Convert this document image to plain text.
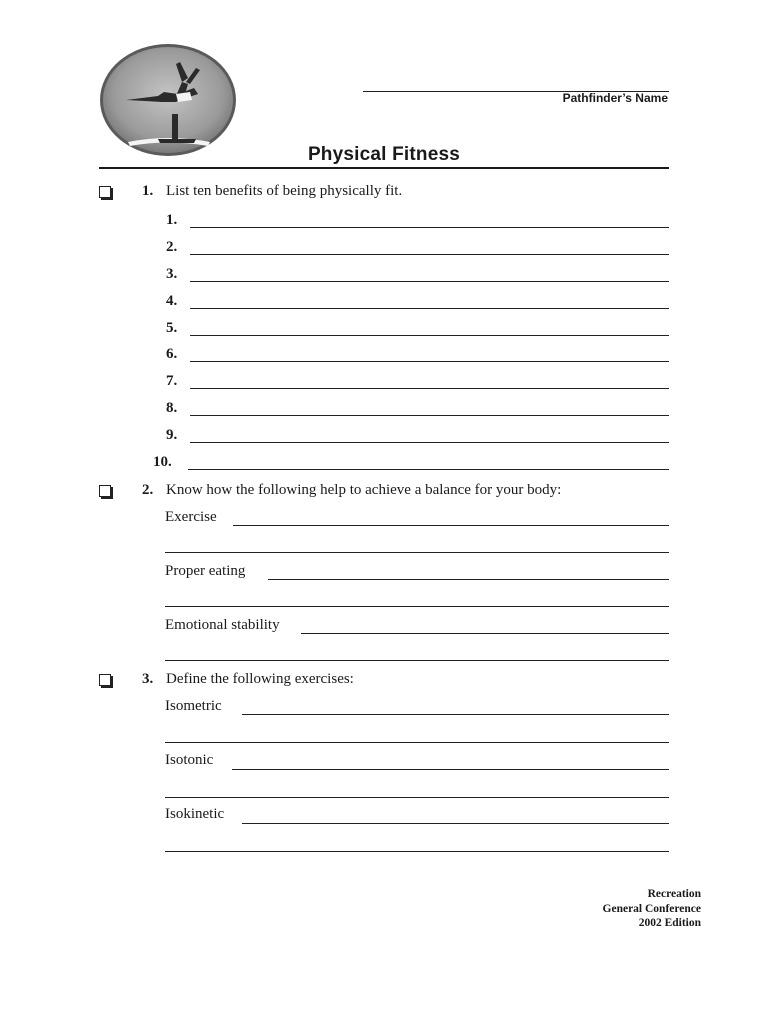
Pathfinder’s Name
Physical Fitness
1. List ten benefits of being physically fit.
1.
2.
3.
4.
5.
6.
7.
8.
9.
10.
2. Know how the following help to achieve a balance for your body:
Exercise
Proper eating
Emotional stability
3. Define the following exercises:
Isometric
Isotonic
Isokinetic
Recreation
General Conference
2002 Edition
